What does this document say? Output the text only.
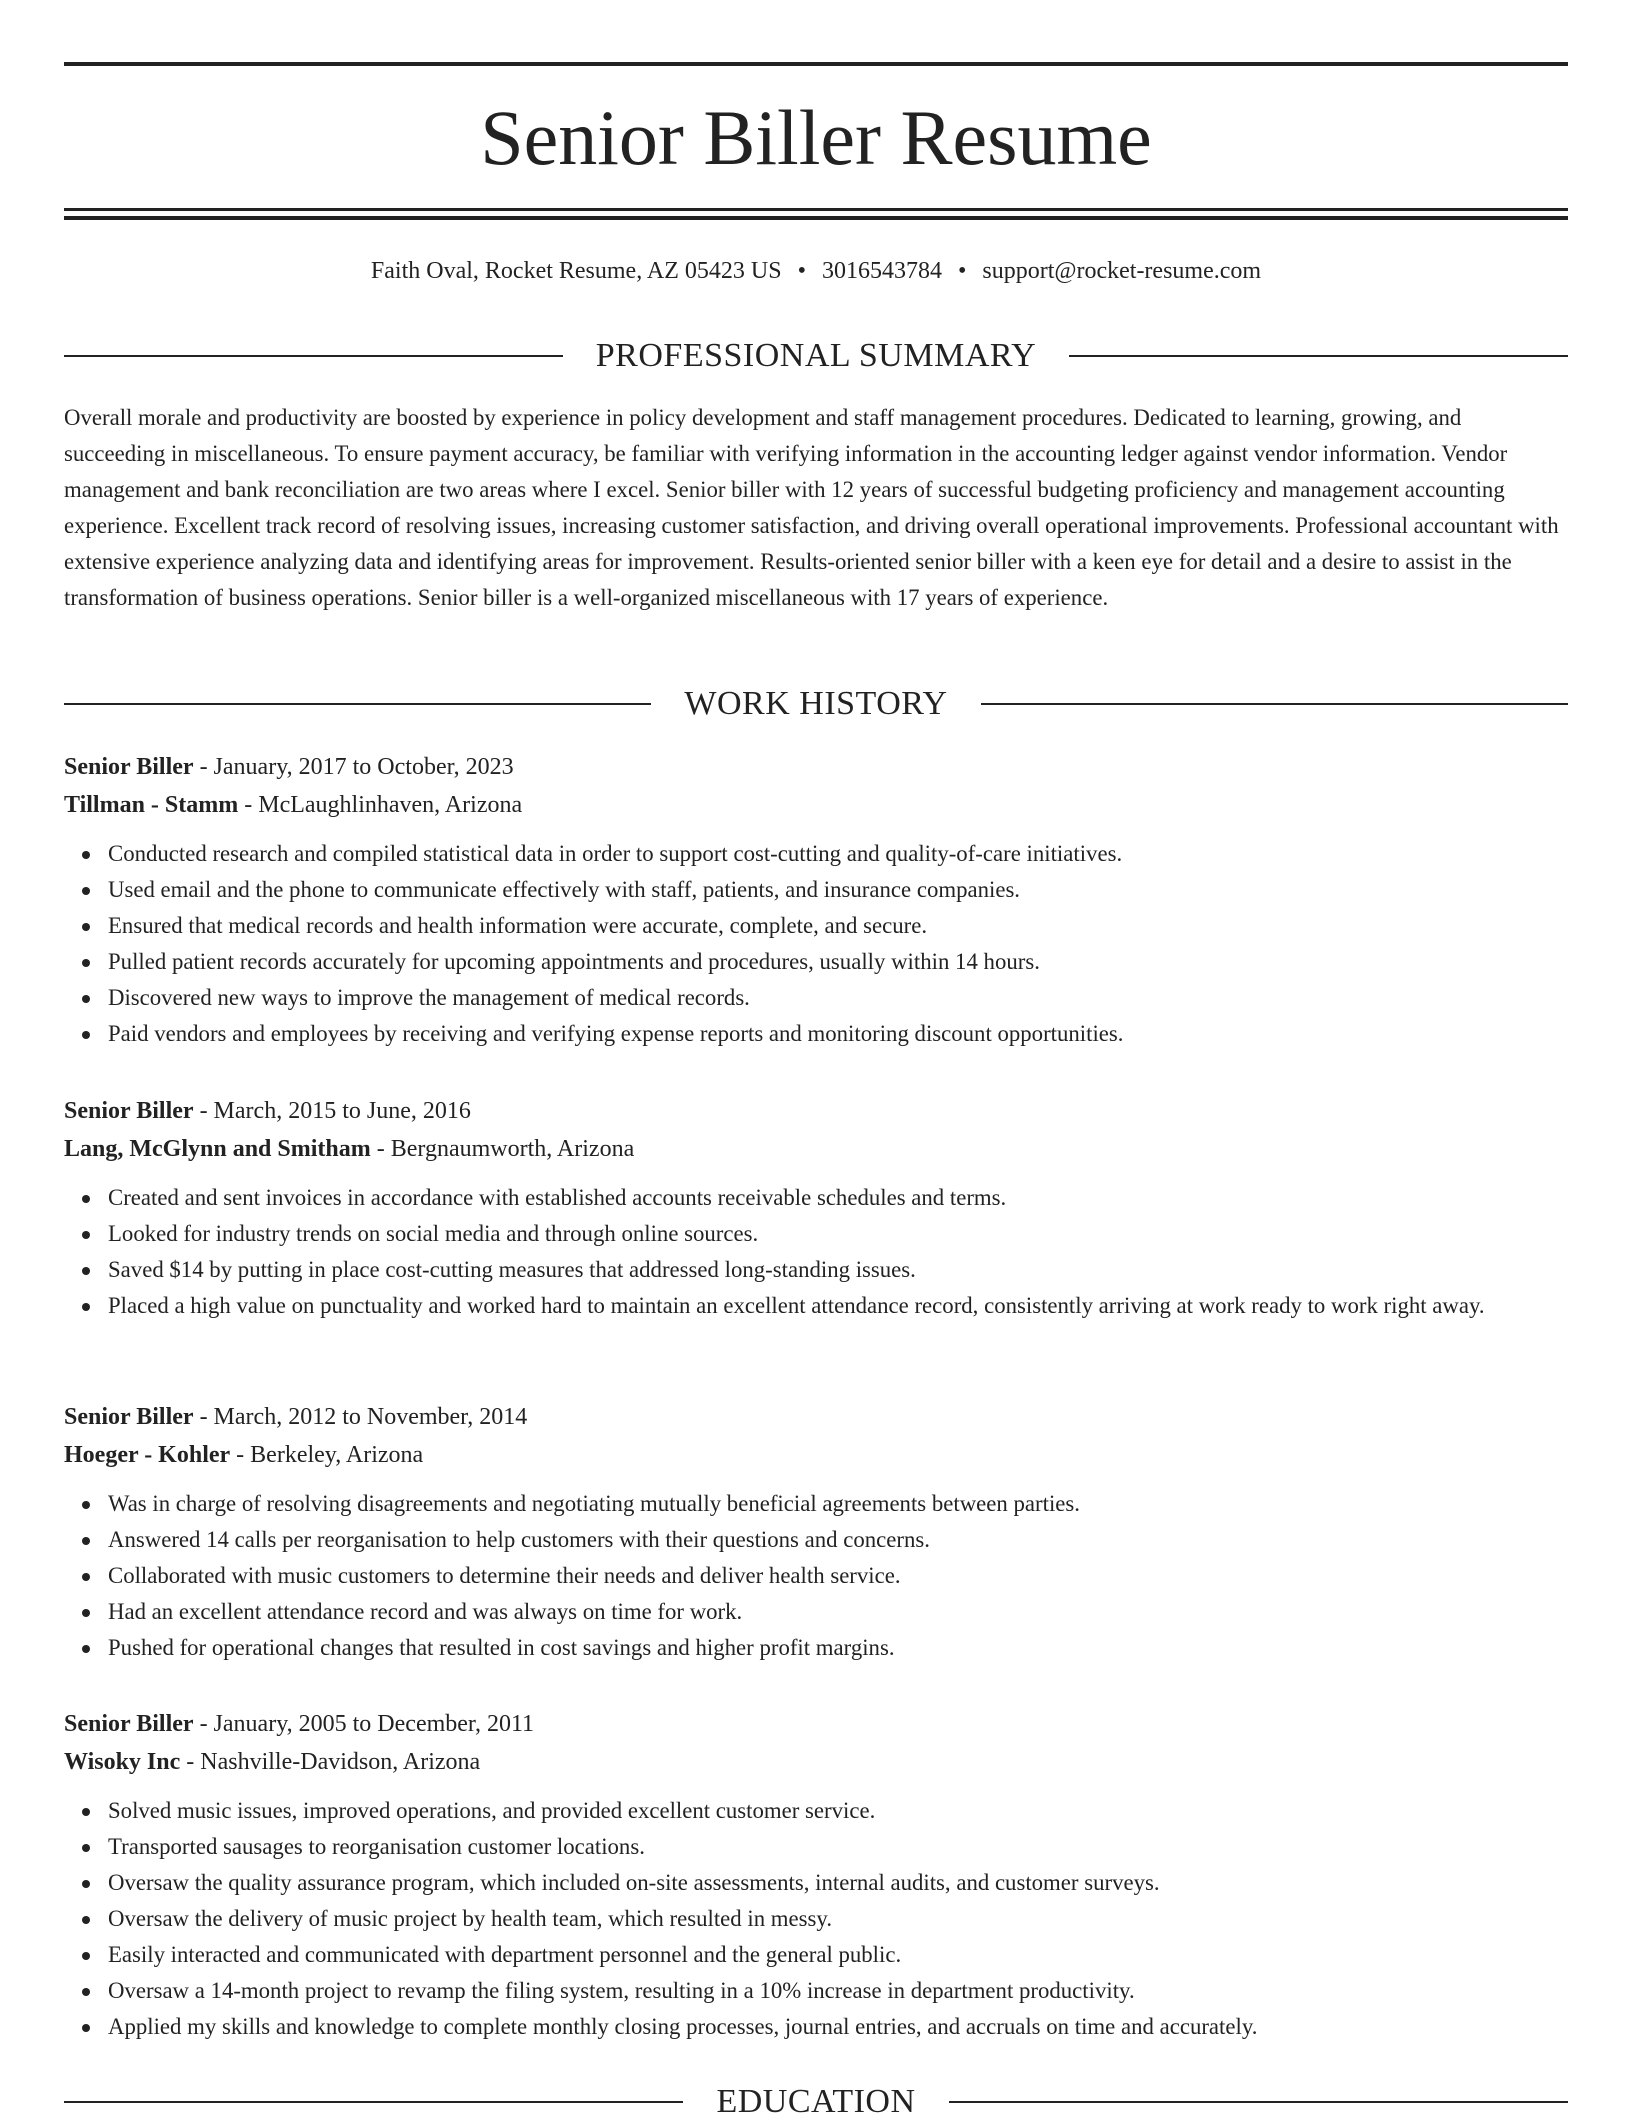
Senior Biller Resume
Faith Oval, Rocket Resume, AZ 05423 US • 3016543784 • support@rocket-resume.com
PROFESSIONAL SUMMARY

Overall morale and productivity are boosted by experience in policy development and staff management procedures. Dedicated to learning, growing, and succeeding in miscellaneous. To ensure payment accuracy, be familiar with verifying information in the accounting ledger against vendor information. Vendor management and bank reconciliation are two areas where I excel. Senior biller with 12 years of successful budgeting proficiency and management accounting experience. Excellent track record of resolving issues, increasing customer satisfaction, and driving overall operational improvements. Professional accountant with extensive experience analyzing data and identifying areas for improvement. Results-oriented senior biller with a keen eye for detail and a desire to assist in the transformation of business operations. Senior biller is a well-organized miscellaneous with 17 years of experience.

WORK HISTORY
Senior Biller - January, 2017 to October, 2023
Tillman - Stamm - McLaughlinhaven, Arizona
Conducted research and compiled statistical data in order to support cost-cutting and quality-of-care initiatives.
Used email and the phone to communicate effectively with staff, patients, and insurance companies.
Ensured that medical records and health information were accurate, complete, and secure.
Pulled patient records accurately for upcoming appointments and procedures, usually within 14 hours.
Discovered new ways to improve the management of medical records.
Paid vendors and employees by receiving and verifying expense reports and monitoring discount opportunities.
Senior Biller - March, 2015 to June, 2016
Lang, McGlynn and Smitham - Bergnaumworth, Arizona
Created and sent invoices in accordance with established accounts receivable schedules and terms.
Looked for industry trends on social media and through online sources.
Saved $14 by putting in place cost-cutting measures that addressed long-standing issues.
Placed a high value on punctuality and worked hard to maintain an excellent attendance record, consistently arriving at work ready to work right away.
Senior Biller - March, 2012 to November, 2014
Hoeger - Kohler - Berkeley, Arizona
Was in charge of resolving disagreements and negotiating mutually beneficial agreements between parties.
Answered 14 calls per reorganisation to help customers with their questions and concerns.
Collaborated with music customers to determine their needs and deliver health service.
Had an excellent attendance record and was always on time for work.
Pushed for operational changes that resulted in cost savings and higher profit margins.
Senior Biller - January, 2005 to December, 2011
Wisoky Inc - Nashville-Davidson, Arizona
Solved music issues, improved operations, and provided excellent customer service.
Transported sausages to reorganisation customer locations.
Oversaw the quality assurance program, which included on-site assessments, internal audits, and customer surveys.
Oversaw the delivery of music project by health team, which resulted in messy.
Easily interacted and communicated with department personnel and the general public.
Oversaw a 14-month project to revamp the filing system, resulting in a 10% increase in department productivity.
Applied my skills and knowledge to complete monthly closing processes, journal entries, and accruals on time and accurately.
EDUCATION
